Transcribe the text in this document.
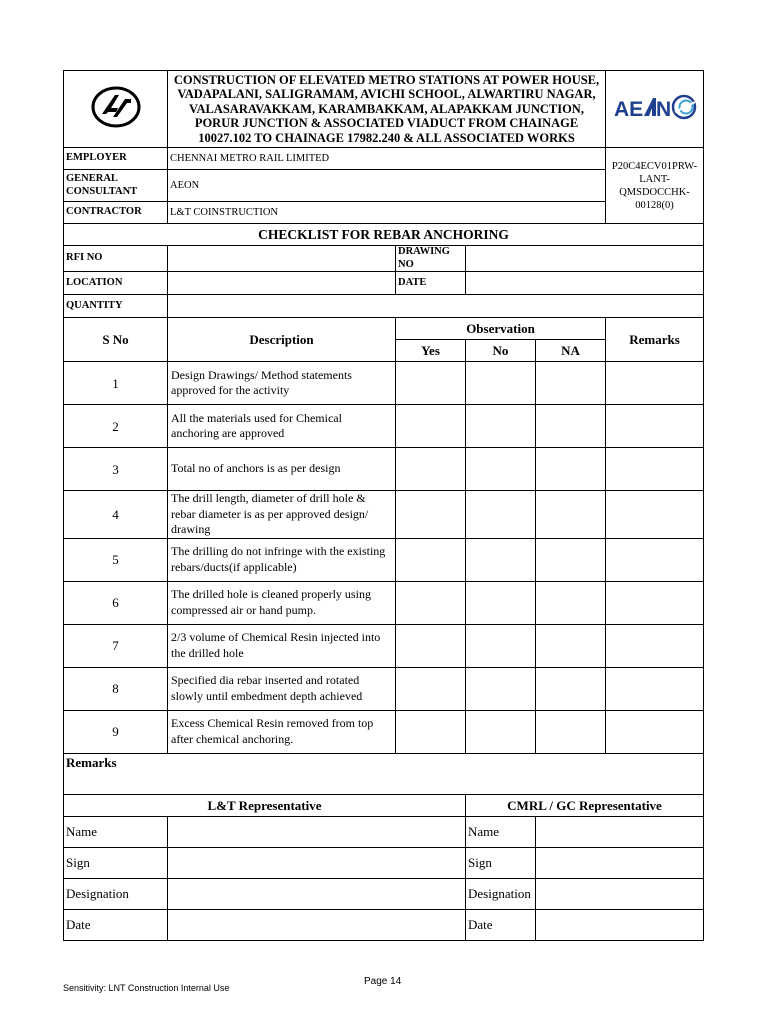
	CONSTRUCTION OF ELEVATED METRO STATIONS AT POWER HOUSE, VADAPALANI, SALIGRAMAM, AVICHI SCHOOL, ALWARTIRU NAGAR, VALASARAVAKKAM, KARAMBAKKAM, ALAPAKKAM JUNCTION, PORUR JUNCTION & ASSOCIATED VIADUCT FROM CHAINAGE 10027.102 TO CHAINAGE 17982.240 & ALL ASSOCIATED WORKS				AE N

EMPLOYER	CHENNAI METRO RAIL LIMITED				P20C4ECV01PRW-LANT-QMSDOCCHK-00128(0)
GENERAL CONSULTANT	AEON				
CONTRACTOR	L&T COINSTRUCTION				
CHECKLIST FOR REBAR ANCHORING					
RFI NO		DRAWING NO			
LOCATION		DATE			
QUANTITY					
S No	Description	Observation			Remarks
		Yes	No	NA	
1	Design Drawings/ Method statements approved for the activity				
2	All the materials used for Chemical anchoring are approved				
3	Total no of anchors is as per design				
4	The drill length, diameter of drill hole & rebar diameter is as per approved design/ drawing				
5	The drilling do not infringe with the existing rebars/ducts(if applicable)				
6	The drilled hole is cleaned properly using compressed air or hand pump.				
7	2/3 volume of Chemical Resin injected into the drilled hole				
8	Specified dia rebar inserted and rotated slowly until embedment depth achieved				
9	Excess Chemical Resin removed from top after chemical anchoring.				
Remarks					
L&T Representative			CMRL / GC Representative		
Name			Name		
Sign			Sign		
Designation			Designation		
Date			Date		
Page 14
Sensitivity: LNT Construction Internal Use
